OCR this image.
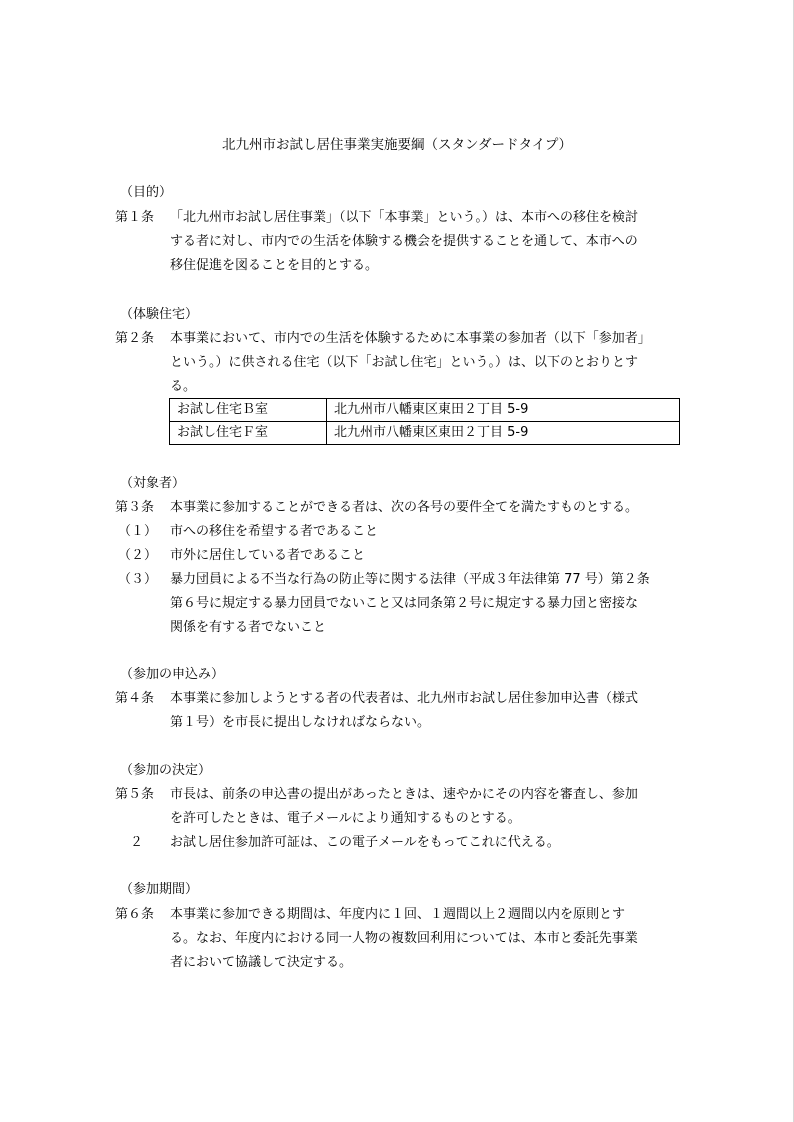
北九州市お試し居住事業実施要綱（スタンダードタイプ）
（目的）
第１条 「北九州市お試し居住事業」（以下「本事業」という。）は、本市への移住を検討
する者に対し、市内での生活を体験する機会を提供することを通して、本市への
移住促進を図ることを目的とする。
（体験住宅）
第２条 本事業において、市内での生活を体験するために本事業の参加者（以下「参加者」
という。）に供される住宅（以下「お試し住宅」という。）は、以下のとおりとす
る。
お試し住宅Ｂ室	北九州市八幡東区東田２丁目 5-9
お試し住宅Ｆ室	北九州市八幡東区東田２丁目 5-9
（対象者）
第３条 本事業に参加することができる者は、次の各号の要件全てを満たすものとする。
（１） 市への移住を希望する者であること
（２） 市外に居住している者であること
（３） 暴力団員による不当な行為の防止等に関する法律（平成３年法律第 77 号）第２条
第６号に規定する暴力団員でないこと又は同条第２号に規定する暴力団と密接な
関係を有する者でないこと
（参加の申込み）
第４条 本事業に参加しようとする者の代表者は、北九州市お試し居住参加申込書（様式
第１号）を市長に提出しなければならない。
（参加の決定）
第５条 市長は、前条の申込書の提出があったときは、速やかにその内容を審査し、参加
を許可したときは、電子メールにより通知するものとする。
２ お試し居住参加許可証は、この電子メールをもってこれに代える。
（参加期間）
第６条 本事業に参加できる期間は、年度内に１回、１週間以上２週間以内を原則とす
る。なお、年度内における同一人物の複数回利用については、本市と委託先事業
者において協議して決定する。
